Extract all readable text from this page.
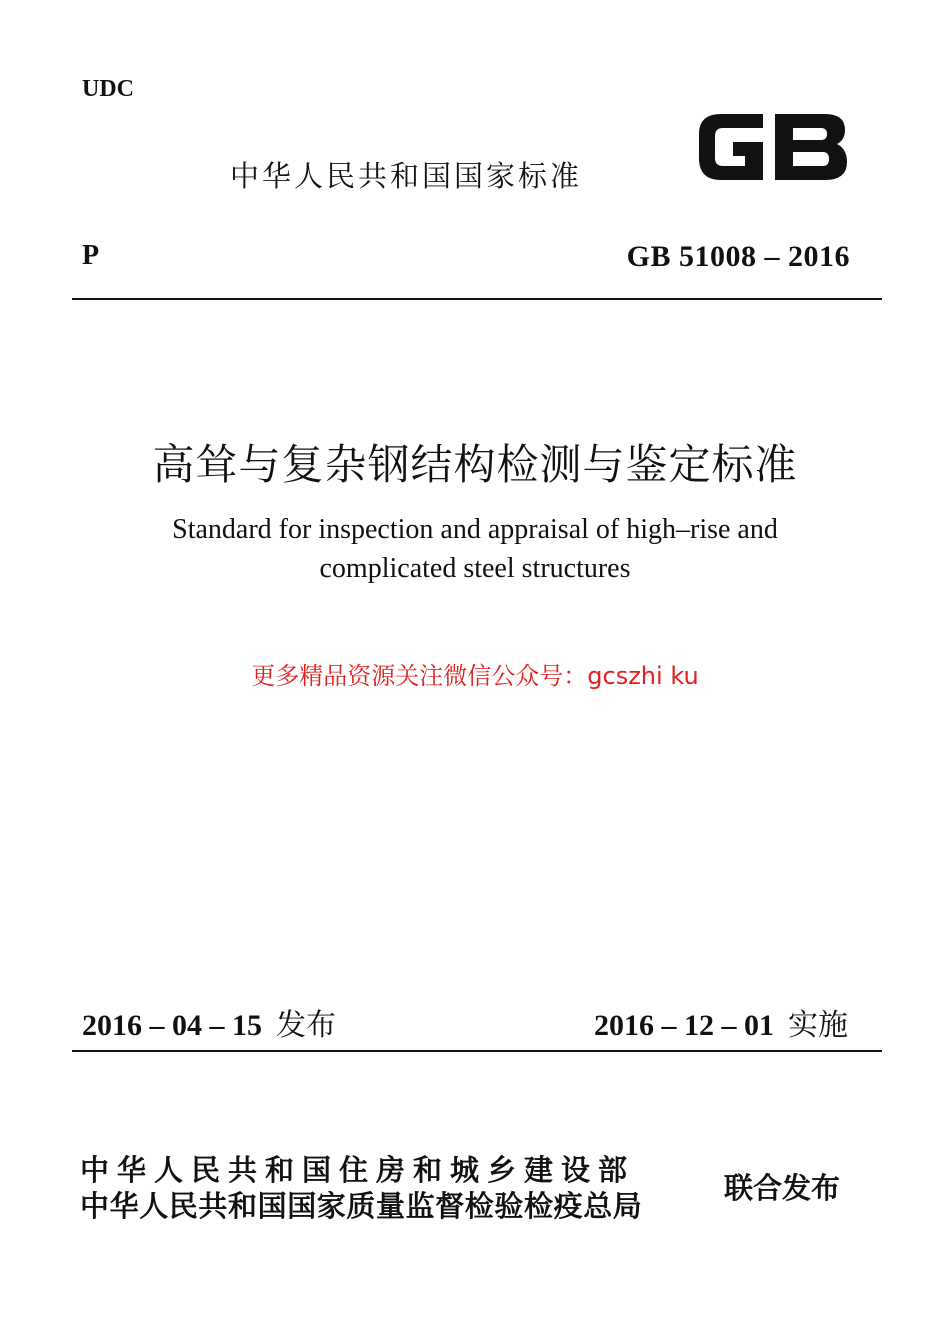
UDC
中华人民共和国国家标准
GB
P	GB 51008 – 2016
高耸与复杂钢结构检测与鉴定标准
Standard for inspection and appraisal of high–rise and
complicated steel structures
更多精品资源关注微信公众号：gcszhi ku
2016 – 04 – 15 发布	2016 – 12 – 01 实施
中华人民共和国住房和城乡建设部
中华人民共和国国家质量监督检验检疫总局
联合发布
